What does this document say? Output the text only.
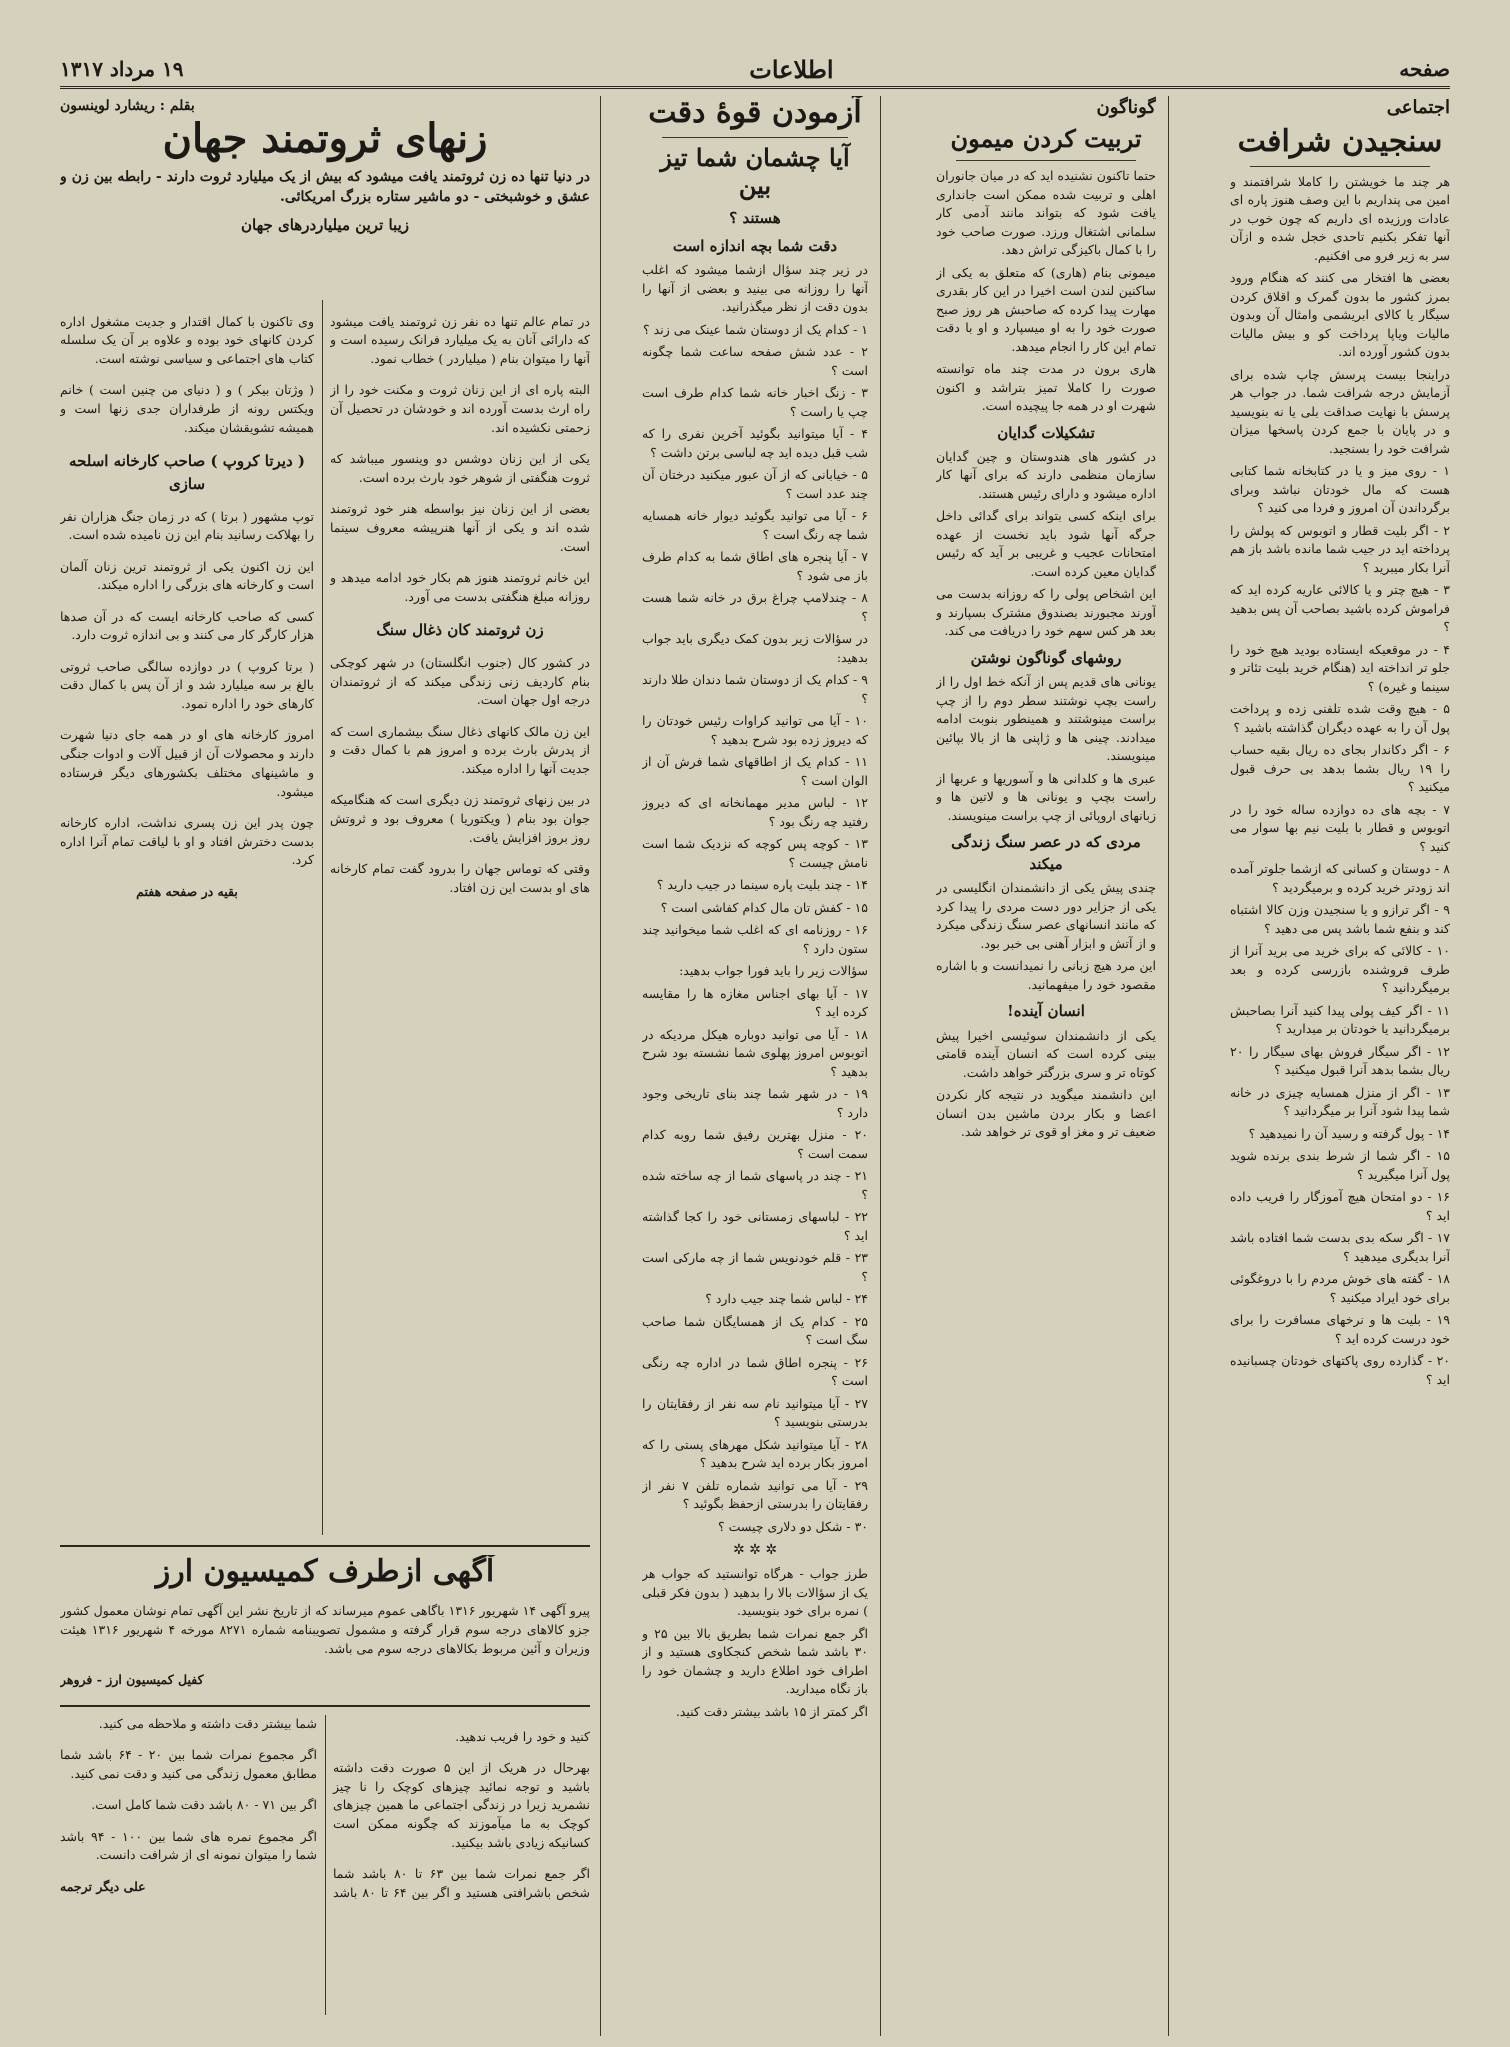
صفحه
اطلاعات
۱۹ مرداد ۱۳۱۷
اجتماعی
سنجیدن شرافت

هر چند ما خویشتن را کاملا شرافتمند و امین می پنداریم با این وصف هنوز پاره ای عادات ورزیده ای داریم که چون خوب در آنها تفکر بکنیم تاحدی خجل شده و ازآن سر به زیر فرو می افکنیم.

بعضی ها افتخار می کنند که هنگام ورود بمرز کشور ما بدون گمرک و اقلاق کردن سیگار یا کالای ابریشمی وامثال آن وبدون مالیات ویاپا پرداخت کو و بیش مالیات بدون کشور آورده اند.

دراینجا بیست پرسش چاپ شده برای آزمایش درجه شرافت شما. در جواب هر پرسش با نهایت صداقت بلی یا نه بنویسید و در پایان با جمع کردن پاسخها میزان شرافت خود را بسنجید.

۱ - روی میز و یا در کتابخانه شما کتابی هست که مال خودتان نباشد وبرای برگرداندن آن امروز و فردا می کنید ؟

۲ - اگر بلیت قطار و اتوبوس که پولش را پرداخته اید در جیب شما مانده باشد باز هم آنرا بکار میبرید ؟

۳ - هیچ چتر و یا کالائی عاریه کرده اید که فراموش کرده باشید بصاحب آن پس بدهید ؟

۴ - در موقعیکه ایستاده بودید هیچ خود را جلو تر انداخته اید (هنگام خرید بلیت تئاتر و سینما و غیره) ؟

۵ - هیچ وقت شده تلفنی زده و پرداخت پول آن را به عهده دیگران گذاشته باشید ؟

۶ - اگر دکاندار بجای ده ریال بقیه حساب را ۱۹ ریال بشما بدهد بی حرف قبول میکنید ؟

۷ - بچه های ده دوازده ساله خود را در اتوبوس و قطار با بلیت نیم بها سوار می کنید ؟

۸ - دوستان و کسانی که ازشما جلوتر آمده اند زودتر خرید کرده و برمیگردید ؟

۹ - اگر ترازو و یا سنجیدن وزن کالا اشتباه کند و بنفع شما باشد پس می دهید ؟

۱۰ - کالائی که برای خرید می برید آنرا از طرف فروشنده بازرسی کرده و بعد برمیگردانید ؟

۱۱ - اگر کیف پولی پیدا کنید آنرا بصاحبش برمیگردانید یا خودتان بر میدارید ؟

۱۲ - اگر سیگار فروش بهای سیگار را ۲۰ ریال بشما بدهد آنرا قبول میکنید ؟

۱۳ - اگر از منزل همسایه چیزی در خانه شما پیدا شود آنرا بر میگردانید ؟

۱۴ - پول گرفته و رسید آن را نمیدهید ؟

۱۵ - اگر شما از شرط بندی برنده شوید پول آنرا میگیرید ؟

۱۶ - دو امتحان هیچ آموزگار را فریب داده اید ؟

۱۷ - اگر سکه بدی بدست شما افتاده باشد آنرا بدیگری میدهید ؟

۱۸ - گفته های خوش مردم را با دروغگوئی برای خود ایراد میکنید ؟

۱۹ - بلیت ها و نرخهای مسافرت را برای خود درست کرده اید ؟

۲۰ - گذارده روی پاکتهای خودتان چسبانیده اید ؟

گوناگون
تربیت کردن میمون

حتما تاکنون نشنیده اید که در میان جانوران اهلی و تربیت شده ممکن است جانداری یافت شود که بتواند مانند آدمی کار سلمانی اشتغال ورزد. صورت صاحب خود را با کمال باکیزگی تراش دهد.

میمونی بنام (هاری) که متعلق به یکی از ساکنین لندن است اخیرا در این کار بقدری مهارت پیدا کرده که صاحبش هر روز صبح صورت خود را به او میسپارد و او با دقت تمام این کار را انجام میدهد.

هاری برون در مدت چند ماه توانسته صورت را کاملا تمیز بتراشد و اکنون شهرت او در همه جا پیچیده است.

تشکیلات گدایان

در کشور های هندوستان و چین گدایان سازمان منظمی دارند که برای آنها کار اداره میشود و دارای رئیس هستند.

برای اینکه کسی بتواند برای گدائی داخل جرگه آنها شود باید نخست از عهده امتحانات عجیب و غریبی بر آید که رئیس گدایان معین کرده است.

این اشخاص پولی را که روزانه بدست می آورند مجبورند بصندوق مشترک بسپارند و بعد هر کس سهم خود را دریافت می کند.

روشهای گوناگون نوشتن

یونانی های قدیم پس از آنکه خط اول را از راست بچپ نوشتند سطر دوم را از چپ براست مینوشتند و همینطور بنوبت ادامه میدادند. چینی ها و ژاپنی ها از بالا بپائین مینویسند.

عبری ها و کلدانی ها و آسوریها و عربها از راست بچپ و یونانی ها و لاتین ها و زبانهای اروپائی از چپ براست مینویسند.

مردی که در عصر سنگ زندگی میکند

چندی پیش یکی از دانشمندان انگلیسی در یکی از جزایر دور دست مردی را پیدا کرد که مانند انسانهای عصر سنگ زندگی میکرد و از آتش و ابزار آهنی بی خبر بود.

این مرد هیچ زبانی را نمیدانست و با اشاره مقصود خود را میفهمانید.

انسان آینده!

یکی از دانشمندان سوئیسی اخیرا پیش بینی کرده است که انسان آینده قامتی کوتاه تر و سری بزرگتر خواهد داشت.

این دانشمند میگوید در نتیجه کار نکردن اعضا و بکار بردن ماشین بدن انسان ضعیف تر و مغز او قوی تر خواهد شد.

آزمودن قوۀ دقت
آیا چشمان شما تیز بین
هستند ؟
دقت شما بچه اندازه است

در زیر چند سؤال ازشما میشود که اغلب آنها را روزانه می بینید و بعضی از آنها را بدون دقت از نظر میگذرانید.

۱ - کدام یک از دوستان شما عینک می زند ؟

۲ - عدد شش صفحه ساعت شما چگونه است ؟

۳ - زنگ اخبار خانه شما کدام طرف است چپ یا راست ؟

۴ - آیا میتوانید بگوئید آخرین نفری را که شب قبل دیده اید چه لباسی برتن داشت ؟

۵ - خیابانی که از آن عبور میکنید درختان آن چند عدد است ؟

۶ - آیا می توانید بگوئید دیوار خانه همسایه شما چه رنگ است ؟

۷ - آیا پنجره های اطاق شما به کدام طرف باز می شود ؟

۸ - چندلامپ چراغ برق در خانه شما هست ؟

در سؤالات زیر بدون کمک دیگری باید جواب بدهید:

۹ - کدام یک از دوستان شما دندان طلا دارند ؟

۱۰ - آیا می توانید کراوات رئیس خودتان را که دیروز زده بود شرح بدهید ؟

۱۱ - کدام یک از اطاقهای شما فرش آن از الوان است ؟

۱۲ - لباس مدیر مهمانخانه ای که دیروز رفتید چه رنگ بود ؟

۱۳ - کوچه پس کوچه که نزدیک شما است نامش چیست ؟

۱۴ - چند بلیت پاره سینما در جیب دارید ؟

۱۵ - کفش تان مال کدام کفاشی است ؟

۱۶ - روزنامه ای که اغلب شما میخوانید چند ستون دارد ؟

سؤالات زیر را باید فورا جواب بدهید:

۱۷ - آیا بهای اجناس مغازه ها را مقایسه کرده اید ؟

۱۸ - آیا می توانید دوباره هیکل مردیکه در اتوبوس امروز پهلوی شما نشسته بود شرح بدهید ؟

۱۹ - در شهر شما چند بنای تاریخی وجود دارد ؟

۲۰ - منزل بهترین رفیق شما روبه کدام سمت است ؟

۲۱ - چند در پاسهای شما از چه ساخته شده ؟

۲۲ - لباسهای زمستانی خود را کجا گذاشته اید ؟

۲۳ - قلم خودنویس شما از چه مارکی است ؟

۲۴ - لباس شما چند جیب دارد ؟

۲۵ - کدام یک از همسایگان شما صاحب سگ است ؟

۲۶ - پنجره اطاق شما در اداره چه رنگی است ؟

۲۷ - آیا میتوانید نام سه نفر از رفقایتان را بدرستی بنویسید ؟

۲۸ - آیا میتوانید شکل مهرهای پستی را که امروز بکار برده اید شرح بدهید ؟

۲۹ - آیا می توانید شماره تلفن ۷ نفر از رفقایتان را بدرستی ازحفظ بگوئید ؟

۳۰ - شکل دو دلاری چیست ؟

✲ ✲ ✲

طرز جواب - هرگاه توانستید که جواب هر یک از سؤالات بالا را بدهید ( بدون فکر قبلی ) نمره برای خود بنویسید.

اگر جمع نمرات شما بطریق بالا بین ۲۵ و ۳۰ باشد شما شخص کنجکاوی هستید و از اطراف خود اطلاع دارید و چشمان خود را باز نگاه میدارید.

اگر کمتر از ۱۵ باشد بیشتر دقت کنید.

بقلم : ریشارد لوینسون
زنهای ثروتمند جهان

در دنیا تنها ده زن ثروتمند یافت میشود که بیش از یک میلیارد ثروت دارند - رابطه بین زن و عشق و خوشبختی - دو ماشیر ستاره بزرگ امریکائی.

زیبا ترین میلیاردرهای جهان

در تمام عالم تنها ده نفر زن ثروتمند یافت میشود که دارائی آنان به یک میلیارد فرانک رسیده است و آنها را میتوان بنام ( میلیاردر ) خطاب نمود.

البته پاره ای از این زنان ثروت و مکنت خود را از راه ارث بدست آورده اند و خودشان در تحصیل آن زحمتی نکشیده اند.

یکی از این زنان دوشس دو وینسور میباشد که ثروت هنگفتی از شوهر خود بارث برده است.

بعضی از این زنان نیز بواسطه هنر خود ثروتمند شده اند و یکی از آنها هنرپیشه معروف سینما است.

این خانم ثروتمند هنوز هم بکار خود ادامه میدهد و روزانه مبلغ هنگفتی بدست می آورد.

زن ثروتمند کان ذغال سنگ

در کشور کال (جنوب انگلستان) در شهر کوچکی بنام کاردیف زنی زندگی میکند که از ثروتمندان درجه اول جهان است.

این زن مالک کانهای ذغال سنگ بیشماری است که از پدرش بارث برده و امروز هم با کمال دقت و جدیت آنها را اداره میکند.

در بین زنهای ثروتمند زن دیگری است که هنگامیکه جوان بود بنام ( ویکتوریا ) معروف بود و ثروتش روز بروز افزایش یافت.

وقتی که توماس جهان را بدرود گفت تمام کارخانه های او بدست این زن افتاد.

وی تاکنون با کمال اقتدار و جدیت مشغول اداره کردن کانهای خود بوده و علاوه بر آن یک سلسله کتاب های اجتماعی و سیاسی نوشته است.

( وژتان بیکر ) و ( دنیای من چنین است ) خانم ویکتس رونه از طرفداران جدی زنها است و همیشه تشویقشان میکند.

( دیرتا کروپ ) صاحب کارخانه اسلحه سازی

توپ مشهور ( برتا ) که در زمان جنگ هزاران نفر را بهلاکت رسانید بنام این زن نامیده شده است.

این زن اکنون یکی از ثروتمند ترین زنان آلمان است و کارخانه های بزرگی را اداره میکند.

کسی که صاحب کارخانه ایست که در آن صدها هزار کارگر کار می کنند و بی اندازه ثروت دارد.

( برتا کروپ ) در دوازده سالگی صاحب ثروتی بالغ بر سه میلیارد شد و از آن پس با کمال دقت کارهای خود را اداره نمود.

امروز کارخانه های او در همه جای دنیا شهرت دارند و محصولات آن از قبیل آلات و ادوات جنگی و ماشینهای مختلف بکشورهای دیگر فرستاده میشود.

چون پدر این زن پسری نداشت، اداره کارخانه بدست دخترش افتاد و او با لیاقت تمام آنرا اداره کرد.

بقیه در صفحه هفتم
آگهی ازطرف کمیسیون ارز

پیرو آگهی ۱۴ شهریور ۱۳۱۶ باگاهی عموم میرساند که از تاریخ نشر این آگهی تمام نوشان معمول کشور جزو کالاهای درجه سوم قرار گرفته و مشمول تصویبنامه شماره ۸۲۷۱ مورخه ۴ شهریور ۱۳۱۶ هیئت وزیران و آئین مربوط بکالاهای درجه سوم می باشد.

کفیل کمیسیون ارز - فروهر

کنید و خود را فریب ندهید.

بهرحال در هریک از این ۵ صورت دقت داشته باشید و توجه نمائید چیزهای کوچک را نا چیز نشمرید زیرا در زندگی اجتماعی ما همین چیزهای کوچک به ما میآموزند که چگونه ممکن است کسانیکه زیادی باشد بیکنید.

اگر جمع نمرات شما بین ۶۳ تا ۸۰ باشد شما شخص باشرافتی هستید و اگر بین ۶۴ تا ۸۰ باشد شما بیشتر دقت داشته و ملاحظه می کنید.

اگر مجموع نمرات شما بین ۲۰ - ۶۴ باشد شما مطابق معمول زندگی می کنید و دقت نمی کنید.

اگر بین ۷۱ - ۸۰ باشد دقت شما کامل است.

اگر مجموع نمره های شما بین ۱۰۰ - ۹۴ باشد شما را میتوان نمونه ای از شرافت دانست.

علی دیگر ترجمه
